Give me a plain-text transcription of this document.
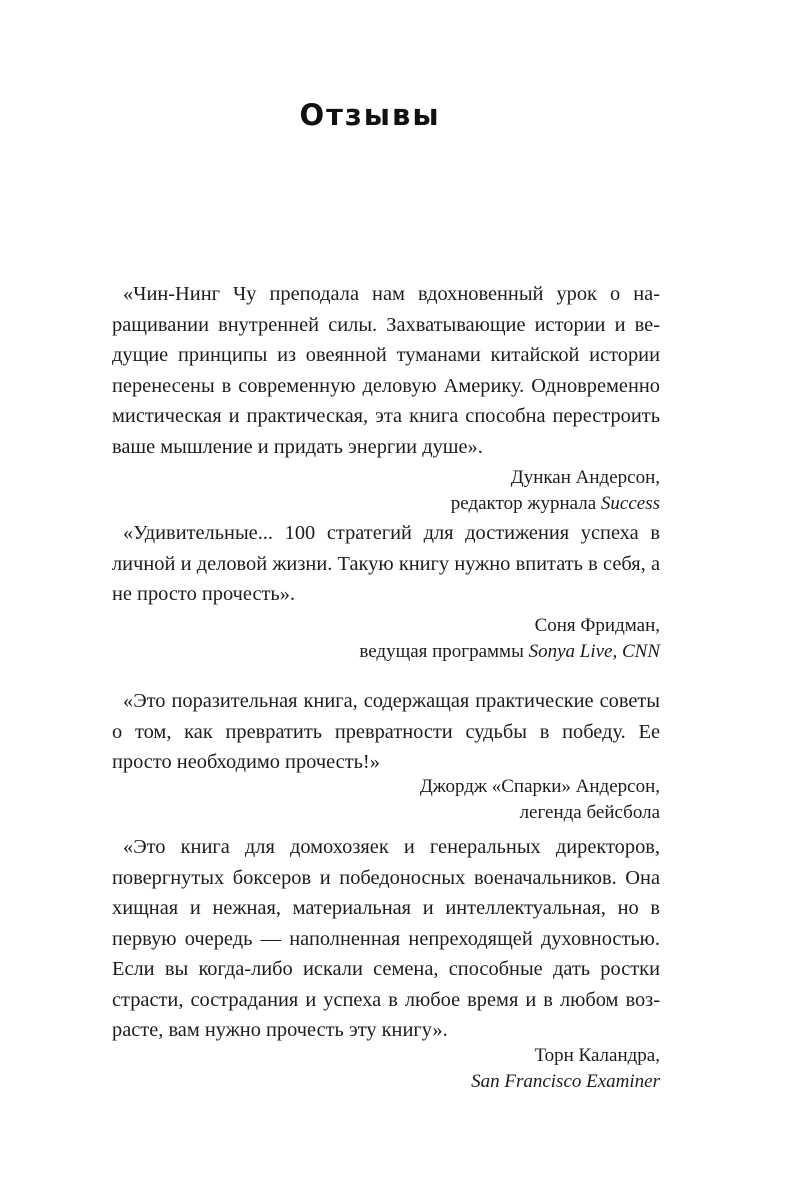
Отзывы

«Чин-Нинг Чу преподала нам вдохновенный урок о наращивании внутренней силы. Захватывающие истории и ведущие принципы из овеянной туманами китайской истории перенесены в современную деловую Америку. Одновременно мистическая и практическая, эта книга способна перестроить ваше мышление и придать энергии душе».

Дункан Андерсон,
редактор журнала Success

«Удивительные... 100 стратегий для достижения успеха в личной и деловой жизни. Такую книгу нужно впитать в себя, а не просто прочесть».

Соня Фридман,
ведущая программы Sonya Live, CNN

«Это поразительная книга, содержащая практические советы о том, как превратить превратности судьбы в победу. Ее просто необходимо прочесть!»

Джордж «Спарки» Андерсон,
легенда бейсбола

«Это книга для домохозяек и генеральных директоров, повергнутых боксеров и победоносных военачальников. Она хищная и нежная, материальная и интеллектуальная, но в первую очередь — наполненная непреходящей духовностью. Если вы когда-либо искали семена, способные дать ростки страсти, сострадания и успеха в любое время и в любом возрасте, вам нужно прочесть эту книгу».

Торн Каландра,
San Francisco Examiner
